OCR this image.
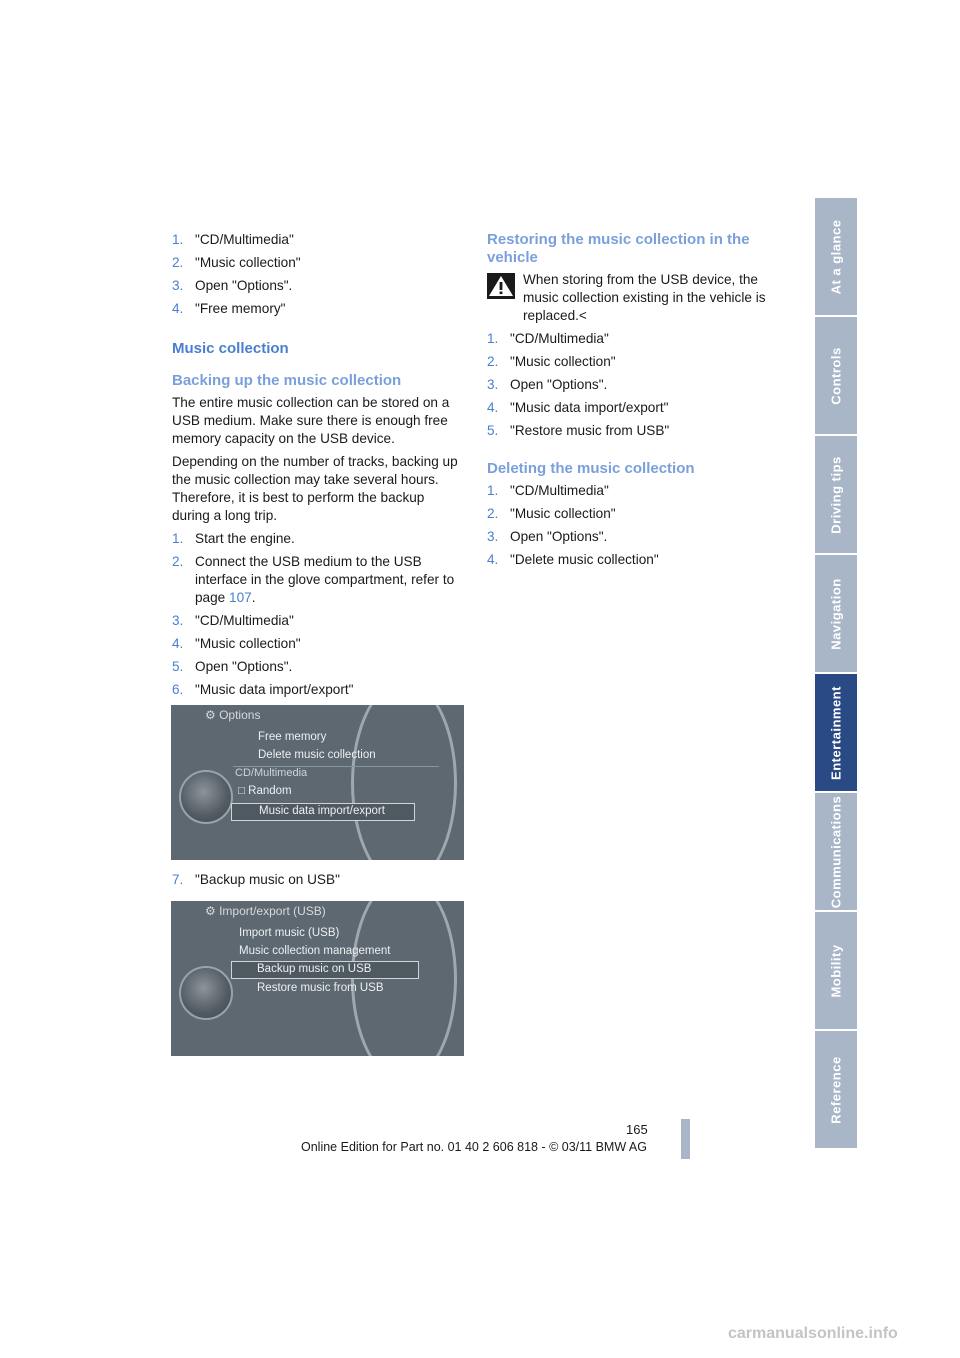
At a glance
Controls
Driving tips
Navigation
Entertainment
Communications
Mobility
Reference
1. "CD/Multimedia"
2. "Music collection"
3. Open "Options".
4. "Free memory"
Music collection
Backing up the music collection

The entire music collection can be stored on a USB medium. Make sure there is enough free memory capacity on the USB device.

Depending on the number of tracks, backing up the music collection may take several hours. Therefore, it is best to perform the backup during a long trip.

1. Start the engine.
2. Connect the USB medium to the USB interface in the glove compartment, refer to page 107.
3. "CD/Multimedia"
4. "Music collection"
5. Open "Options".
6. "Music data import/export"
⚙ Options
Free memory
Delete music collection
CD/Multimedia
□ Random
Music data import/export
7. "Backup music on USB"
⚙ Import/export (USB)
Import music (USB)
Music collection management
Backup music on USB
Restore music from USB
Restoring the music collection in the vehicle

When storing from the USB device, the music collection existing in the vehicle is replaced.<

1. "CD/Multimedia"
2. "Music collection"
3. Open "Options".
4. "Music data import/export"
5. "Restore music from USB"
Deleting the music collection
1. "CD/Multimedia"
2. "Music collection"
3. Open "Options".
4. "Delete music collection"
165
Online Edition for Part no. 01 40 2 606 818 - © 03/11 BMW AG
carmanualsonline.info
